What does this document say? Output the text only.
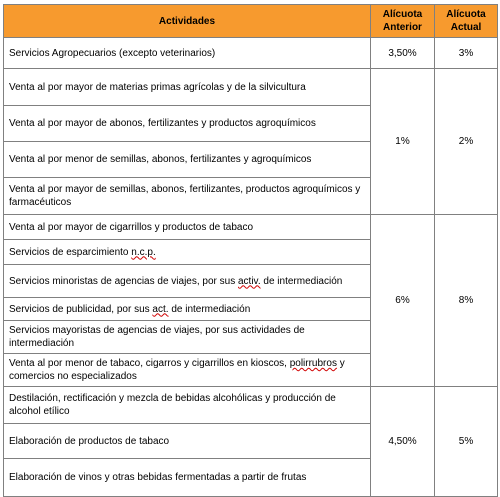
Actividades	Alícuota Anterior	Alícuota Actual
Servicios Agropecuarios (excepto veterinarios)	3,50%	3%
Venta al por mayor de materias primas agrícolas y de la silvicultura	1%	2%
Venta al por mayor de abonos, fertilizantes y productos agroquímicos		
Venta al por menor de semillas, abonos, fertilizantes y agroquímicos		
Venta al por mayor de semillas, abonos, fertilizantes, productos agroquímicos y farmacéuticos		
Venta al por mayor de cigarrillos y productos de tabaco	6%	8%
Servicios de esparcimiento n.c.p.		
Servicios minoristas de agencias de viajes, por sus activ. de intermediación		
Servicios de publicidad, por sus act. de intermediación		
Servicios mayoristas de agencias de viajes, por sus actividades de intermediación		
Venta al por menor de tabaco, cigarros y cigarrillos en kioscos, polirrubros y comercios no especializados		
Destilación, rectificación y mezcla de bebidas alcohólicas y producción de alcohol etílico	4,50%	5%
Elaboración de productos de tabaco		
Elaboración de vinos y otras bebidas fermentadas a partir de frutas		
